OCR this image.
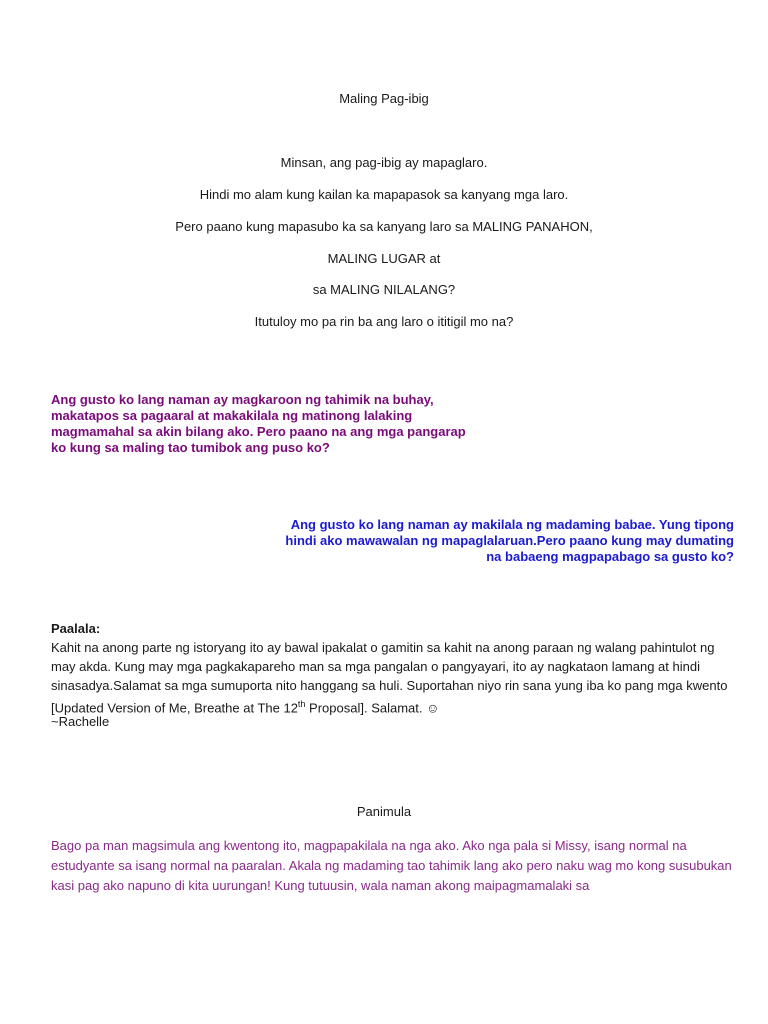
Maling Pag-ibig
Minsan, ang pag-ibig ay mapaglaro.
Hindi mo alam kung kailan ka mapapasok sa kanyang mga laro.
Pero paano kung mapasubo ka sa kanyang laro sa MALING PANAHON,
MALING LUGAR at
sa MALING NILALANG?
Itutuloy mo pa rin ba ang laro o ititigil mo na?
Ang gusto ko lang naman ay magkaroon ng tahimik na buhay, makatapos sa pagaaral at makakilala ng matinong lalaking magmamahal sa akin bilang ako. Pero paano na ang mga pangarap ko kung sa maling tao tumibok ang puso ko?
Ang gusto ko lang naman ay makilala ng madaming babae. Yung tipong hindi ako mawawalan ng mapaglalaruan.Pero paano kung may dumating na babaeng magpapabago sa gusto ko?
Paalala:

Kahit na anong parte ng istoryang ito ay bawal ipakalat o gamitin sa kahit na anong paraan ng walang pahintulot ng may akda. Kung may mga pagkakapareho man sa mga pangalan o pangyayari, ito ay nagkataon lamang at hindi sinasadya.Salamat sa mga sumuporta nito hanggang sa huli. Suportahan niyo rin sana yung iba ko pang mga kwento [Updated Version of Me, Breathe at The 12th Proposal]. Salamat. ☺

~Rachelle
Panimula
Bago pa man magsimula ang kwentong ito, magpapakilala na nga ako. Ako nga pala si Missy, isang normal na estudyante sa isang normal na paaralan. Akala ng madaming tao tahimik lang ako pero naku wag mo kong susubukan kasi pag ako napuno di kita uurungan! Kung tutuusin, wala naman akong maipagmamalaki sa
